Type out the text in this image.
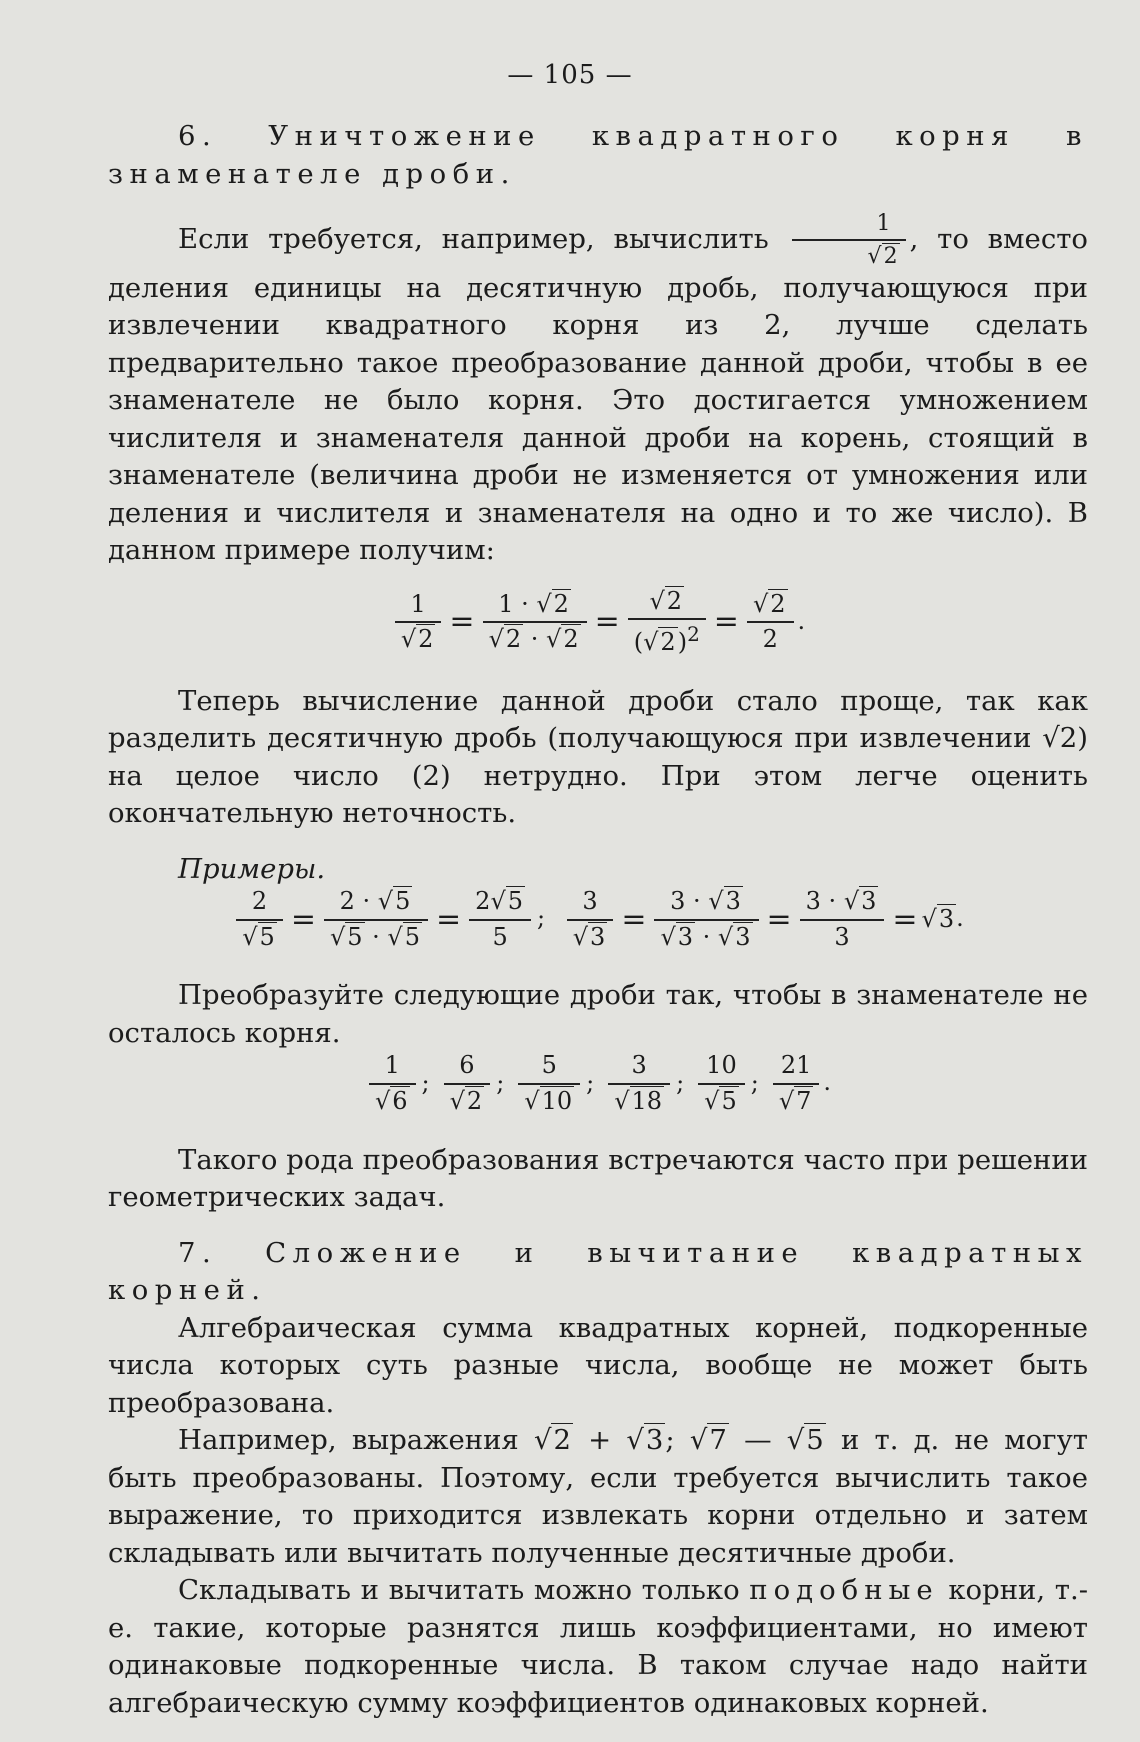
— 105 —

6. Уничтожение квадратного корня в знаменателе дроби.

Если требуется, например, вычислить $\frac{1}{√2}$ , то вместо деления единицы на десятичную дробь, получающуюся при извлечении квадратного корня из 2, лучше сделать предварительно такое преобразование данной дроби, чтобы в ее знаменателе не было корня. Это достигается умножением числителя и знаменателя данной дроби на корень, стоящий в знаменателе (величина дроби не изменяется от умножения или деления и числителя и знаменателя на одно и то же число). В данном примере получим:

$\frac{1}{√2} = \frac{1 \cdot √2}{√2 \cdot √2} = \frac{√2}{(√2)^2} = \frac{√2}{2}$ .

Теперь вычисление данной дроби стало проще, так как разделить десятичную дробь (получающуюся при извлечении √2) на целое число (2) нетрудно. При этом легче оценить окончательную неточность.

Примеры.

$\frac{2}{√5} = \frac{2 \cdot √5}{√5 \cdot √5} = \frac{2√5}{5}$ ; $\frac{3}{√3} = \frac{3 \cdot √3}{√3 \cdot √3} = \frac{3 \cdot √3}{3} = √3$.

Преобразуйте следующие дроби так, чтобы в знаменателе не осталось корня.

$\frac{1}{√6}$ ; $\frac{6}{√2}$ ; $\frac{5}{√10}$ ; $\frac{3}{√18}$ ; $\frac{10}{√5}$ ; $\frac{21}{√7}$ .

Такого рода преобразования встречаются часто при решении геометрических задач.

7. Сложение и вычитание квадратных корней.

Алгебраическая сумма квадратных корней, подкоренные числа которых суть разные числа, вообще не может быть преобразована.

Например, выражения √2 + √3; √7 — √5 и т. д. не могут быть преобразованы. Поэтому, если требуется вычислить такое выражение, то приходится извлекать корни отдельно и затем складывать или вычитать полученные десятичные дроби.

Складывать и вычитать можно только подобные корни, т.-е. такие, которые разнятся лишь коэффициентами, но имеют одинаковые подкоренные числа. В таком случае надо найти алгебраическую сумму коэффициентов одинаковых корней.
